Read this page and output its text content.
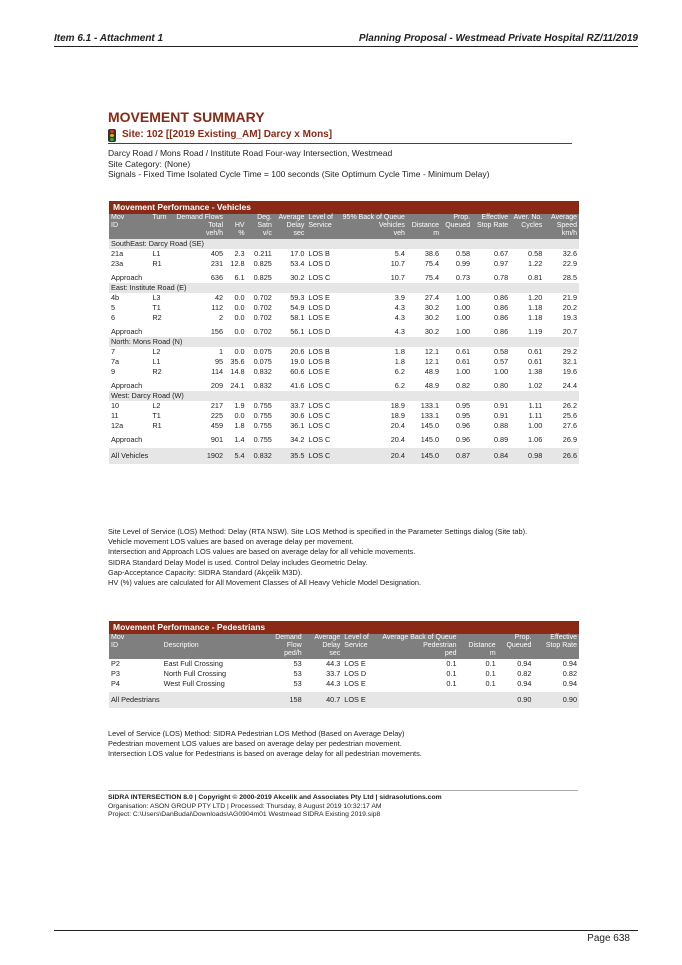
Item 6.1 - Attachment 1	Planning Proposal - Westmead Private Hospital RZ/11/2019
MOVEMENT SUMMARY
Site: 102 [[2019 Existing_AM] Darcy x Mons]
Darcy Road / Mons Road / Institute Road Four-way Intersection, Westmead
Site Category: (None)
Signals - Fixed Time Isolated Cycle Time = 100 seconds (Site Optimum Cycle Time - Minimum Delay)
Movement Performance - Vehicles												
Mov	Turn	Demand Flows		Deg.	Average	Level of	95% Back of Queue		Prop.	Effective	Aver. No.	Average
ID		Total	HV	Satn	Delay	Service	Vehicles	Distance	Queued	Stop Rate	Cycles	Speed
		veh/h	%	v/c	sec		veh	m				km/h
SouthEast: Darcy Road (SE)												
21a	L1	405	2.3	0.211	17.0	LOS B	5.4	38.6	0.58	0.67	0.58	32.6
23a	R1	231	12.8	0.825	53.4	LOS D	10.7	75.4	0.99	0.97	1.22	22.9
Approach		636	6.1	0.825	30.2	LOS C	10.7	75.4	0.73	0.78	0.81	28.5
East: Institute Road (E)												
4b	L3	42	0.0	0.702	59.3	LOS E	3.9	27.4	1.00	0.86	1.20	21.9
5	T1	112	0.0	0.702	54.9	LOS D	4.3	30.2	1.00	0.86	1.18	20.2
6	R2	2	0.0	0.702	58.1	LOS E	4.3	30.2	1.00	0.86	1.18	19.3
Approach		156	0.0	0.702	56.1	LOS D	4.3	30.2	1.00	0.86	1.19	20.7
North: Mons Road (N)												
7	L2	1	0.0	0.075	20.6	LOS B	1.8	12.1	0.61	0.58	0.61	29.2
7a	L1	95	35.6	0.075	19.0	LOS B	1.8	12.1	0.61	0.57	0.61	32.1
9	R2	114	14.8	0.832	60.6	LOS E	6.2	48.9	1.00	1.00	1.38	19.6
Approach		209	24.1	0.832	41.6	LOS C	6.2	48.9	0.82	0.80	1.02	24.4
West: Darcy Road (W)												
10	L2	217	1.9	0.755	33.7	LOS C	18.9	133.1	0.95	0.91	1.11	26.2
11	T1	225	0.0	0.755	30.6	LOS C	18.9	133.1	0.95	0.91	1.11	25.6
12a	R1	459	1.8	0.755	36.1	LOS C	20.4	145.0	0.96	0.88	1.00	27.6
Approach		901	1.4	0.755	34.2	LOS C	20.4	145.0	0.96	0.89	1.06	26.9

All Vehicles		1902	5.4	0.832	35.5	LOS C	20.4	145.0	0.87	0.84	0.98	26.6
Site Level of Service (LOS) Method: Delay (RTA NSW). Site LOS Method is specified in the Parameter Settings dialog (Site tab).
Vehicle movement LOS values are based on average delay per movement.
Intersection and Approach LOS values are based on average delay for all vehicle movements.
SIDRA Standard Delay Model is used. Control Delay includes Geometric Delay.
Gap-Acceptance Capacity: SIDRA Standard (Akçelik M3D).
HV (%) values are calculated for All Movement Classes of All Heavy Vehicle Model Designation.
Movement Performance - Pedestrians								
Mov		Demand	Average	Level of	Average Back of Queue		Prop.	Effective
ID	Description	Flow	Delay	Service	Pedestrian	Distance	Queued	Stop Rate
		ped/h	sec		ped	m		
P2	East Full Crossing	53	44.3	LOS E	0.1	0.1	0.94	0.94
P3	North Full Crossing	53	33.7	LOS D	0.1	0.1	0.82	0.82
P4	West Full Crossing	53	44.3	LOS E	0.1	0.1	0.94	0.94

All Pedestrians		158	40.7	LOS E			0.90	0.90
Level of Service (LOS) Method: SIDRA Pedestrian LOS Method (Based on Average Delay)
Pedestrian movement LOS values are based on average delay per pedestrian movement.
Intersection LOS value for Pedestrians is based on average delay for all pedestrian movements.
SIDRA INTERSECTION 8.0 | Copyright © 2000-2019 Akcelik and Associates Pty Ltd | sidrasolutions.com
Organisation: ASON GROUP PTY LTD | Processed: Thursday, 8 August 2019 10:32:17 AM
Project: C:\Users\DanBudai\Downloads\AG0904m01 Westmead SIDRA Existing 2019.sip8
Page 638
